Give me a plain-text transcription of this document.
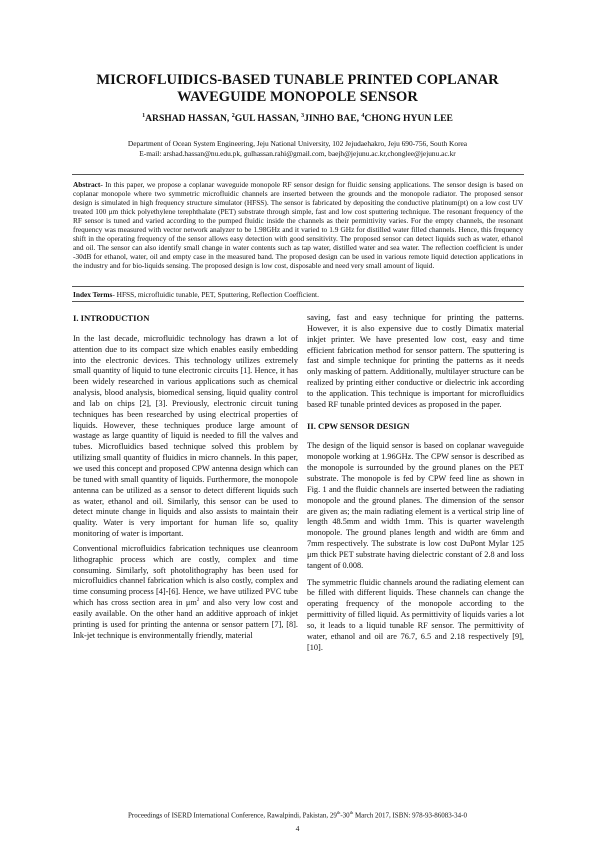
MICROFLUIDICS-BASED TUNABLE PRINTED COPLANAR WAVEGUIDE MONOPOLE SENSOR
$^1$ARSHAD HASSAN, $^2$GUL HASSAN, $^3$JINHO BAE, $^4$CHONG HYUN LEE
Department of Ocean System Engineering, Jeju National University, 102 Jejudaehakro, Jeju 690-756, South Korea
E-mail: arshad.hassan@nu.edu.pk, gulhassan.rahi@gmail.com, baejh@jejunu.ac.kr,chonglee@jejunu.ac.kr
Abstract- In this paper, we propose a coplanar waveguide monopole RF sensor design for fluidic sensing applications. The sensor design is based on coplanar monopole where two symmetric microfluidic channels are inserted between the grounds and the monopole radiator. The proposed sensor design is simulated in high frequency structure simulator (HFSS). The sensor is fabricated by depositing the conductive platinum(pt) on a low cost UV treated 100 μm thick polyethylene terephthalate (PET) substrate through simple, fast and low cost sputtering technique. The resonant frequency of the RF sensor is tuned and varied according to the pumped fluidic inside the channels as their permittivity varies. For the empty channels, the resonant frequency was measured with vector network analyzer to be 1.98GHz and it varied to 1.9 GHz for distilled water filled channels. Hence, this frequency shift in the operating frequency of the sensor allows easy detection with good sensitivity. The proposed sensor can detect liquids such as water, ethanol and oil. The sensor can also identify small change in water contents such as tap water, distilled water and sea water. The reflection coefficient is under -30dB for ethanol, water, oil and empty case in the measured band. The proposed design can be used in various remote liquid detection applications in the industry and for bio-liquids sensing. The proposed design is low cost, disposable and need very small amount of liquid.
Index Terms- HFSS, microfluidic tunable, PET, Sputtering, Reflection Coefficient.
I. INTRODUCTION

In the last decade, microfluidic technology has drawn a lot of attention due to its compact size which enables easily embedding into the electronic devices. This technology utilizes extremely small quantity of liquid to tune electronic circuits [1]. Hence, it has been widely researched in various applications such as chemical analysis, blood analysis, biomedical sensing, liquid quality control and lab on chips [2], [3]. Previously, electronic circuit tuning techniques has been researched by using electrical properties of liquids. However, these techniques produce large amount of wastage as large quantity of liquid is needed to fill the valves and tubes. Microfluidics based technique solved this problem by utilizing small quantity of fluidics in micro channels. In this paper, we used this concept and proposed CPW antenna design which can be tuned with small quantity of liquids. Furthermore, the monopole antenna can be utilized as a sensor to detect different liquids such as water, ethanol and oil. Similarly, this sensor can be used to detect minute change in liquids and also assists to maintain their quality. Water is very important for human life so, quality monitoring of water is important.

Conventional microfluidics fabrication techniques use cleanroom lithographic process which are costly, complex and time consuming. Similarly, soft photolithography has been used for microfluidics channel fabrication which is also costly, complex and time consuming process [4]-[6]. Hence, we have utilized PVC tube which has cross section area in $\mu m^2$ and also very low cost and easily available. On the other hand an additive approach of inkjet printing is used for printing the antenna or sensor pattern [7], [8]. Ink-jet technique is environmentally friendly, material

saving, fast and easy technique for printing the patterns. However, it is also expensive due to costly Dimatix material inkjet printer. We have presented low cost, easy and time efficient fabrication method for sensor pattern. The sputtering is fast and simple technique for printing the patterns as it needs only masking of pattern. Additionally, multilayer structure can be realized by printing either conductive or dielectric ink according to the application. This technique is important for microfluidics based RF tunable printed devices as proposed in the paper.

II. CPW SENSOR DESIGN

The design of the liquid sensor is based on coplanar waveguide monopole working at 1.96GHz. The CPW sensor is described as the monopole is surrounded by the ground planes on the PET substrate. The monopole is fed by CPW feed line as shown in Fig. 1 and the fluidic channels are inserted between the radiating monopole and the ground planes. The dimension of the sensor are given as; the main radiating element is a vertical strip line of length 48.5mm and width 1mm. This is quarter wavelength monopole. The ground planes length and width are 6mm and 7mm respectively. The substrate is low cost DuPont Mylar 125 μm thick PET substrate having dielectric constant of 2.8 and loss tangent of 0.008.

The symmetric fluidic channels around the radiating element can be filled with different liquids. These channels can change the operating frequency of the monopole according to the permittivity of filled liquid. As permittivity of liquids varies a lot so, it leads to a liquid tunable RF sensor. The permittivity of water, ethanol and oil are 76.7, 6.5 and 2.18 respectively [9],[10].

Proceedings of ISERD International Conference, Rawalpindi, Pakistan, 29th-30th March 2017, ISBN: 978-93-86083-34-0
4
